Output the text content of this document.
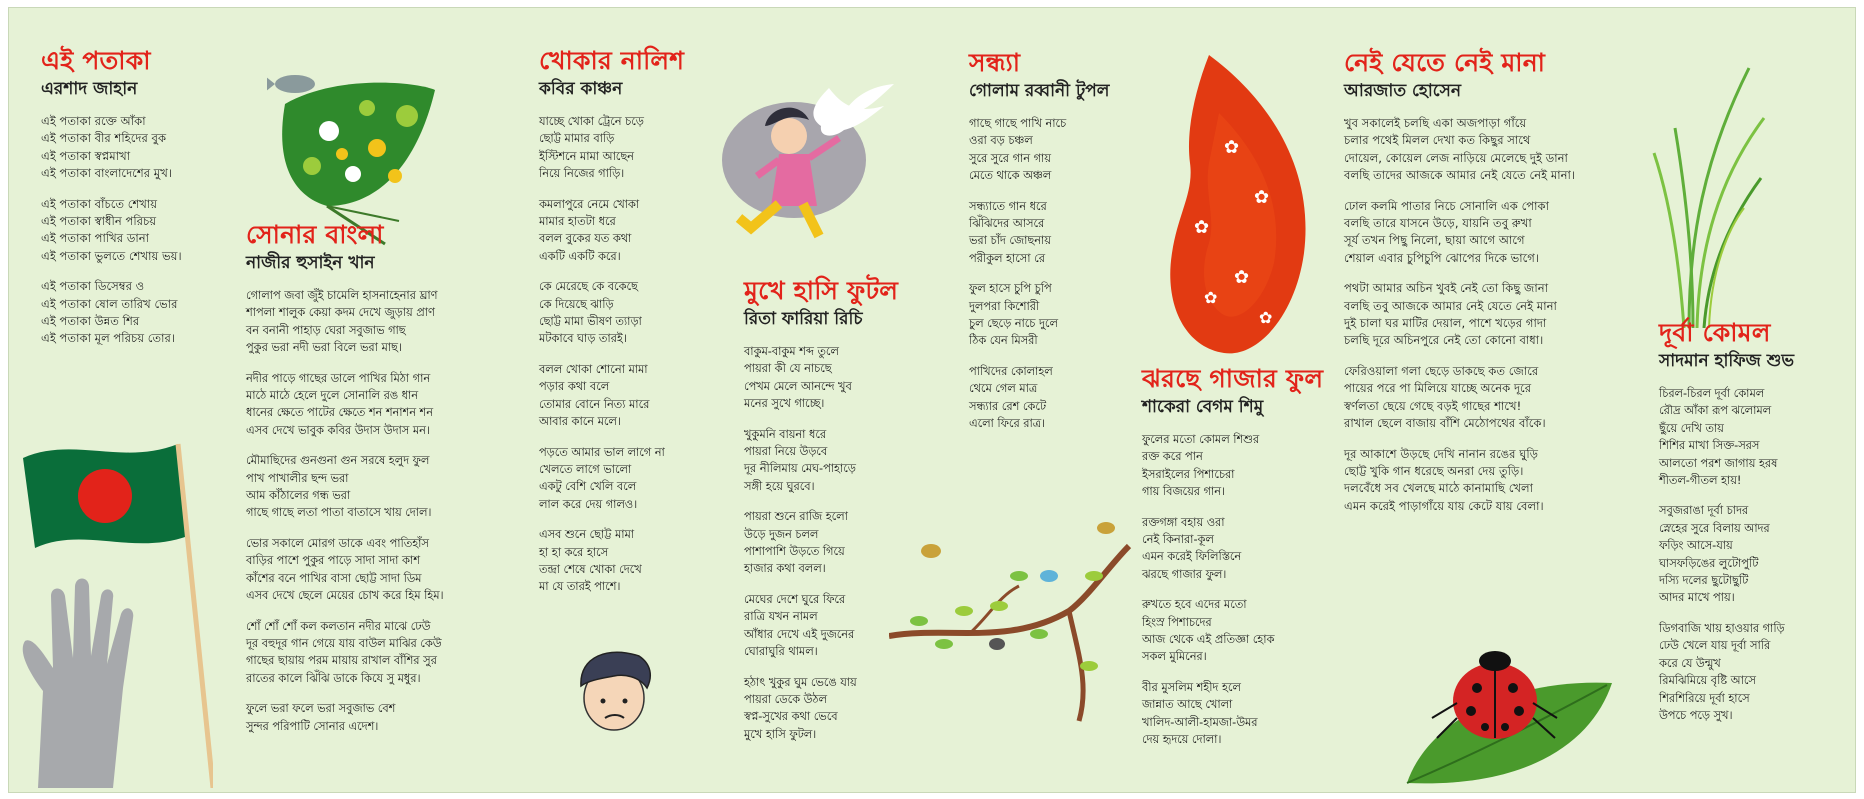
✿
✿
✿
✿
✿
✿
এই পতাকা
এরশাদ জাহান
এই পতাকা রক্তে আঁকা
এই পতাকা বীর শহিদের বুক
এই পতাকা স্বপ্নমাখা
এই পতাকা বাংলাদেশের মুখ।
এই পতাকা বাঁচতে শেখায়
এই পতাকা স্বাধীন পরিচয়
এই পতাকা পাখির ডানা
এই পতাকা ভুলতে শেখায় ভয়।
এই পতাকা ডিসেম্বর ও
এই পতাকা ষোল তারিখ ভোর
এই পতাকা উন্নত শির
এই পতাকা মূল পরিচয় তোর।
সোনার বাংলা
নাজীর হুসাইন খান
গোলাপ জবা জুঁই চামেলি হাসনাহেনার ঘ্রাণ
শাপলা শালুক কেয়া কদম দেখে জুড়ায় প্রাণ
বন বনানী পাহাড় ঘেরা সবুজাভ গাছ
পুকুর ভরা নদী ভরা বিলে ভরা মাছ।
নদীর পাড়ে গাছের ডালে পাখির মিঠা গান
মাঠে মাঠে হেলে দুলে সোনালি রঙ ধান
ধানের ক্ষেতে পাটের ক্ষেতে শন শনাশন শন
এসব দেখে ভাবুক কবির উদাস উদাস মন।
মৌমাছিদের গুনগুনা গুন সরষে হলুদ ফুল
পাখ পাখালীর ছন্দ ভরা
আম কাঁঠালের গন্ধ ভরা
গাছে গাছে লতা পাতা বাতাসে খায় দোল।
ভোর সকালে মোরগ ডাকে এবং পাতিহাঁস
বাড়ির পাশে পুকুর পাড়ে সাদা সাদা কাশ
কাঁশের বনে পাখির বাসা ছোট্ট সাদা ডিম
এসব দেখে ছেলে মেয়ের চোখ করে হিম হিম।
শোঁ শোঁ শোঁ কল কলতান নদীর মাঝে ঢেউ
দূর বহুদূর গান গেয়ে যায় বাউল মাঝির কেউ
গাছের ছায়ায় পরম মায়ায় রাখাল বাঁশির সুর
রাতের কালে ঝিঁঝি ডাকে কিযে সু মধুর।
ফুলে ভরা ফলে ভরা সবুজাভ বেশ
সুন্দর পরিপাটি সোনার এদেশ।
খোকার নালিশ
কবির কাঞ্চন
যাচ্ছে খোকা ট্রেনে চড়ে
ছোট্ট মামার বাড়ি
ইস্টিশনে মামা আছেন
নিয়ে নিজের গাড়ি।
কমলাপুরে নেমে খোকা
মামার হাতটা ধরে
বলল বুকের যত কথা
একটি একটি করে।
কে মেরেছে কে বকেছে
কে দিয়েছে ঝাড়ি
ছোট্ট মামা ভীষণ ত্যাড়া
মটকাবে ঘাড় তারই।
বলল খোকা শোনো মামা
পড়ার কথা বলে
তোমার বোনে নিত্য মারে
আবার কানে মলে।
পড়তে আমার ভাল লাগে না
খেলতে লাগে ভালো
একটু বেশি খেলি বলে
লাল করে দেয় গালও।
এসব শুনে ছোট্ট মামা
হা হা করে হাসে
তন্দ্রা শেষে খোকা দেখে
মা যে তারই পাশে।
মুখে হাসি ফুটল
রিতা ফারিয়া রিচি
বাকুম-বাকুম শব্দ তুলে
পায়রা কী যে নাচছে
পেখম মেলে আনন্দে খুব
মনের সুখে গাচ্ছে।
খুকুমনি বায়না ধরে
পায়রা নিয়ে উড়বে
দূর নীলিমায় মেঘ-পাহাড়ে
সঙ্গী হয়ে ঘুরবে।
পায়রা শুনে রাজি হলো
উড়ে দুজন চলল
পাশাপাশি উড়তে গিয়ে
হাজার কথা বলল।
মেঘের দেশে ঘুরে ফিরে
রাত্রি যখন নামল
আঁধার দেখে এই দুজনের
ঘোরাঘুরি থামল।
হঠাৎ খুকুর ঘুম ভেঙে যায়
পায়রা ডেকে উঠল
স্বপ্ন-সুখের কথা ভেবে
মুখে হাসি ফুটল।
সন্ধ্যা
গোলাম রব্বানী টুপল
গাছে গাছে পাখি নাচে
ওরা বড় চঞ্চল
সুরে সুরে গান গায়
মেতে থাকে অঞ্চল
সন্ধ্যাতে গান ধরে
ঝিঁঝিদের আসরে
ভরা চাঁদ জোছনায়
পরীকুল হাসো রে
ফুল হাসে চুপি চুপি
দুলপরা কিশোরী
চুল ছেড়ে নাচে দুলে
ঠিক যেন মিসরী
পাখিদের কোলাহল
থেমে গেল মাত্র
সন্ধ্যার রেশ কেটে
এলো ফিরে রাত্র।
ঝরছে গাজার ফুল
শাকেরা বেগম শিমু
ফুলের মতো কোমল শিশুর
রক্ত করে পান
ইসরাইলের পিশাচেরা
গায় বিজয়ের গান।
রক্তগঙ্গা বহায় ওরা
নেই কিনারা-কূল
এমন করেই ফিলিস্তিনে
ঝরছে গাজার ফুল।
রুখতে হবে এদের মতো
হিংস্র পিশাচদের
আজ থেকে এই প্রতিজ্ঞা হোক
সকল মুমিনের।
বীর মুসলিম শহীদ হলে
জান্নাত আছে খোলা
খালিদ-আলী-হামজা-উমর
দেয় হৃদয়ে দোলা।
নেই যেতে নেই মানা
আরজাত হোসেন
খুব সকালেই চলছি একা অজপাড়া গাঁয়ে
চলার পথেই মিলল দেখা কত কিছুর সাথে
দোয়েল, কোয়েল লেজ নাড়িয়ে মেলেছে দুই ডানা
বলছি তাদের আজকে আমার নেই যেতে নেই মানা।
ঢোল কলমি পাতার নিচে সোনালি এক পোকা
বলছি তারে যাসনে উড়ে, যায়নি তবু রুখা
সূর্য তখন পিছু নিলো, ছায়া আগে আগে
শেয়াল এবার চুপিচুপি ঝোপের দিকে ভাগে।
পথটা আমার অচিন খুবই নেই তো কিছু জানা
বলছি তবু আজকে আমার নেই যেতে নেই মানা
দুই চালা ঘর মাটির দেয়াল, পাশে খড়ের গাদা
চলছি দূরে অচিনপুরে নেই তো কোনো বাধা।
ফেরিওয়ালা গলা ছেড়ে ডাকছে কত জোরে
পায়ের পরে পা মিলিয়ে যাচ্ছে অনেক দূরে
স্বর্ণলতা ছেয়ে গেছে বড়ই গাছের শাখে!
রাখাল ছেলে বাজায় বাঁশি মেঠোপথের বাঁকে।
দূর আকাশে উড়ছে দেখি নানান রঙের ঘুড়ি
ছোট্ট খুকি গান ধরেছে অনরা দেয় তুড়ি।
দলবেঁধে সব খেলছে মাঠে কানামাছি খেলা
এমন করেই পাড়াগাঁয়ে যায় কেটে যায় বেলা।
দূর্বা কোমল
সাদমান হাফিজ শুভ
চিরল-চিরল দূর্বা কোমল
রৌদ্র আঁকা রূপ ঝলোমল
ছুঁয়ে দেখি তায়
শিশির মাখা সিক্ত-সরস
আলতো পরশ জাগায় হরষ
শীতল-গীতল হায়!
সবুজরাঙা দূর্বা চাদর
স্নেহের সুরে বিলায় আদর
ফড়িং আসে-যায়
ঘাসফড়িঙের লুটোপুটি
দস্যি দলের ছুটোছুটি
আদর মাখে পায়।
ডিগবাজি খায় হাওয়ার গাড়ি
ঢেউ খেলে যায় দূর্বা সারি
করে যে উন্মুখ
রিমঝিমিয়ে বৃষ্টি আসে
শিরশিরিয়ে দূর্বা হাসে
উপচে পড়ে সুখ।
